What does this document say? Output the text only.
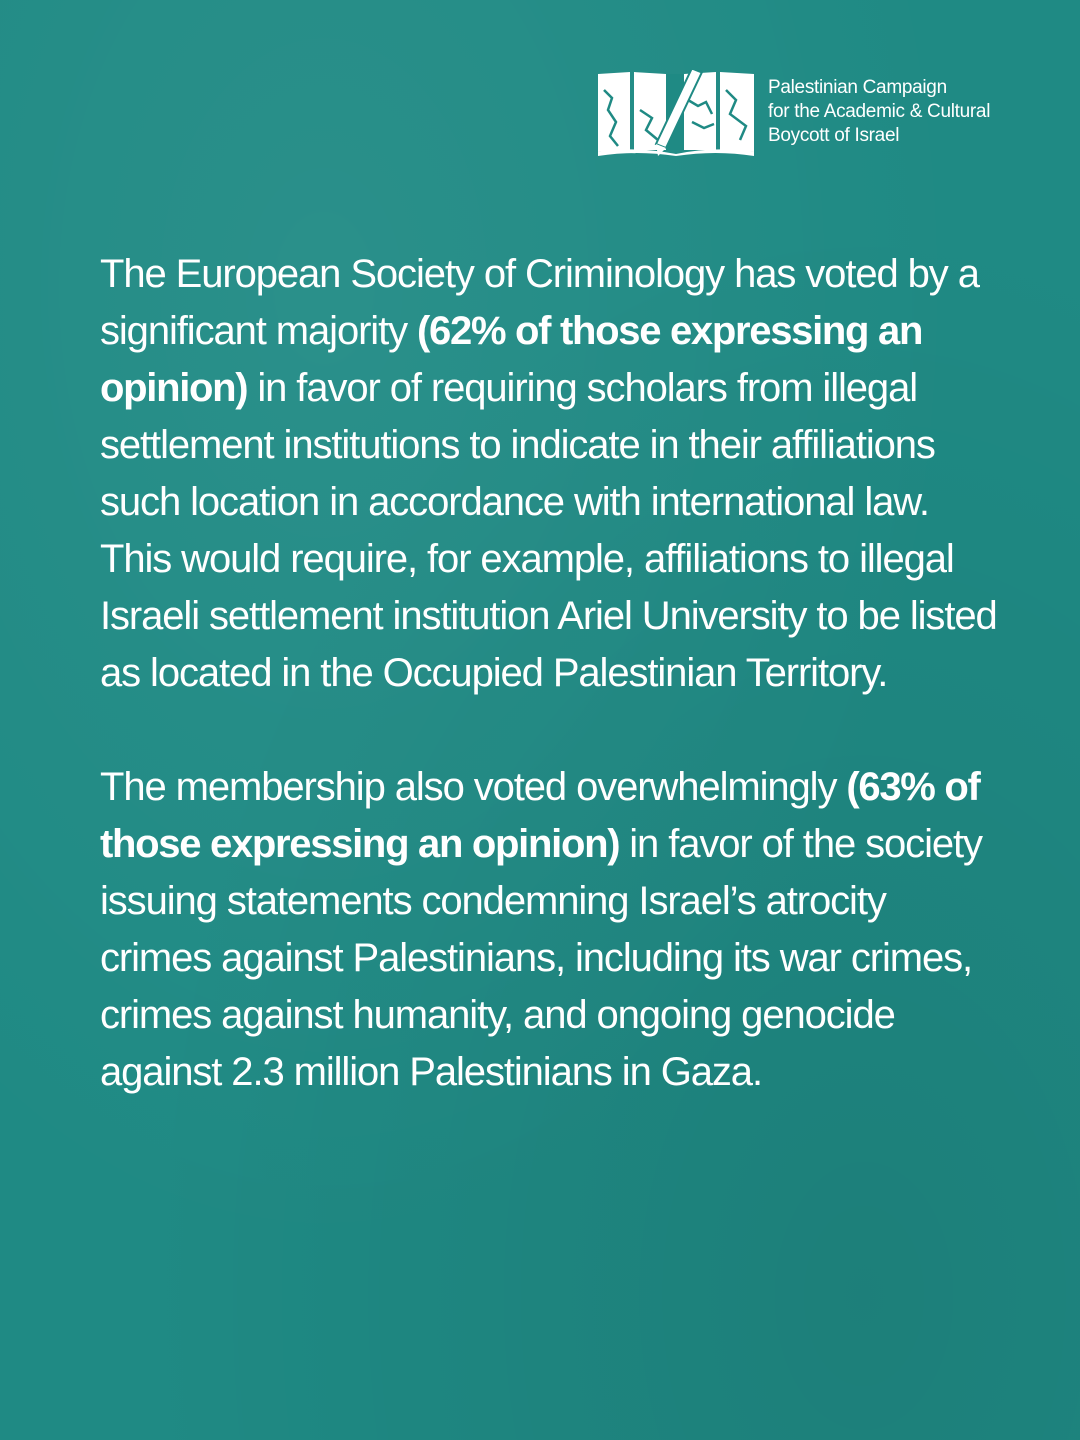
Palestinian Campaign
for the Academic & Cultural
Boycott of Israel

The European Society of Criminology has voted by a significant majority (62% of those expressing an opinion) in favor of requiring scholars from illegal settlement institutions to indicate in their affiliations such location in accordance with international law. This would require, for example, affiliations to illegal Israeli settlement institution Ariel University to be listed as located in the Occupied Palestinian Territory.

The membership also voted overwhelmingly (63% of those expressing an opinion) in favor of the society issuing statements condemning Israel’s atrocity crimes against Palestinians, including its war crimes, crimes against humanity, and ongoing genocide against 2.3 million Palestinians in Gaza.
